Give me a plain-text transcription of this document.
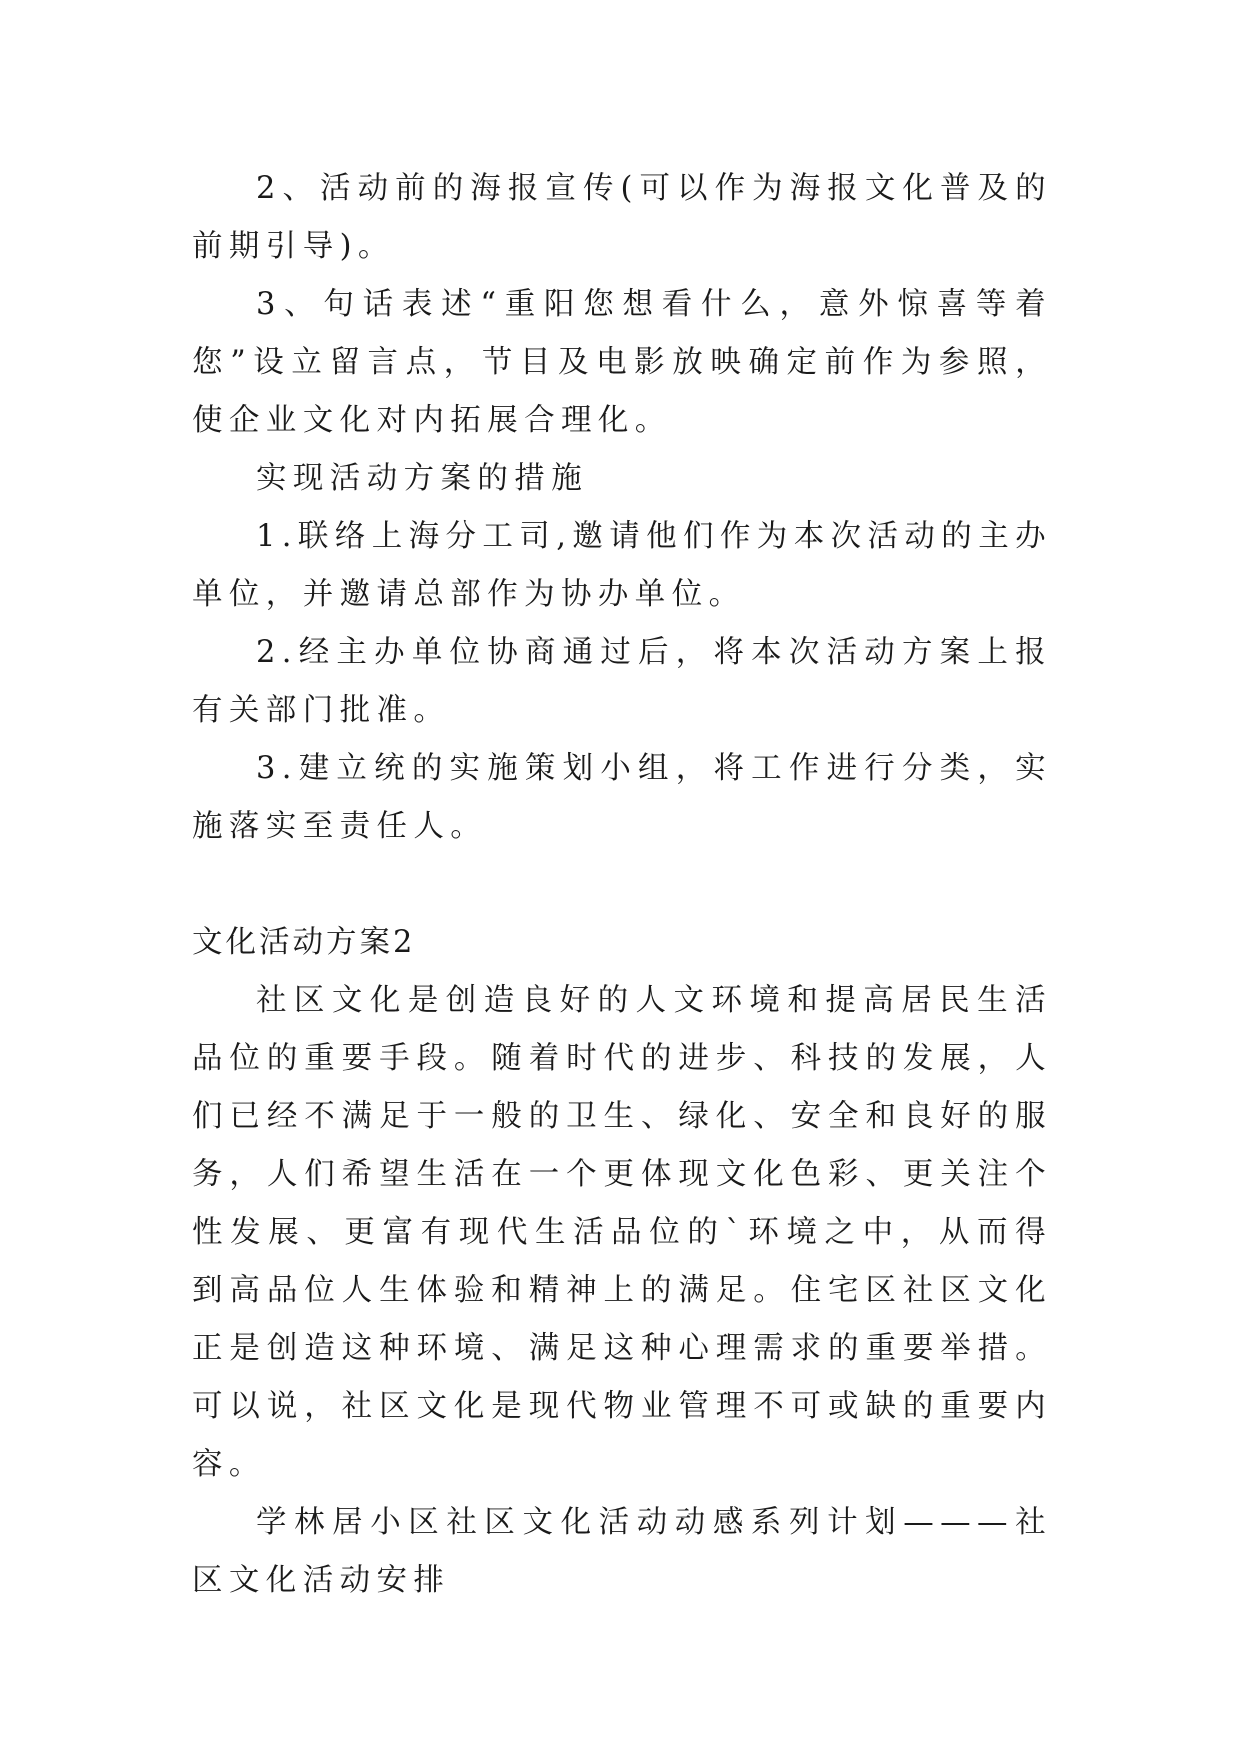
2、活动前的海报宣传(可以作为海报文化普及的前期引导)。

3、句话表述“重阳您想看什么，意外惊喜等着您”设立留言点，节目及电影放映确定前作为参照，使企业文化对内拓展合理化。

实现活动方案的措施

1.联络上海分工司,邀请他们作为本次活动的主办单位，并邀请总部作为协办单位。

2.经主办单位协商通过后，将本次活动方案上报有关部门批准。

3.建立统的实施策划小组，将工作进行分类，实施落实至责任人。

文化活动方案2

社区文化是创造良好的人文环境和提高居民生活品位的重要手段。随着时代的进步、科技的发展，人们已经不满足于一般的卫生、绿化、安全和良好的服务，人们希望生活在一个更体现文化色彩、更关注个性发展、更富有现代生活品位的`环境之中，从而得到高品位人生体验和精神上的满足。住宅区社区文化正是创造这种环境、满足这种心理需求的重要举措。可以说，社区文化是现代物业管理不可或缺的重要内容。

学林居小区社区文化活动动感系列计划———社区文化活动安排
